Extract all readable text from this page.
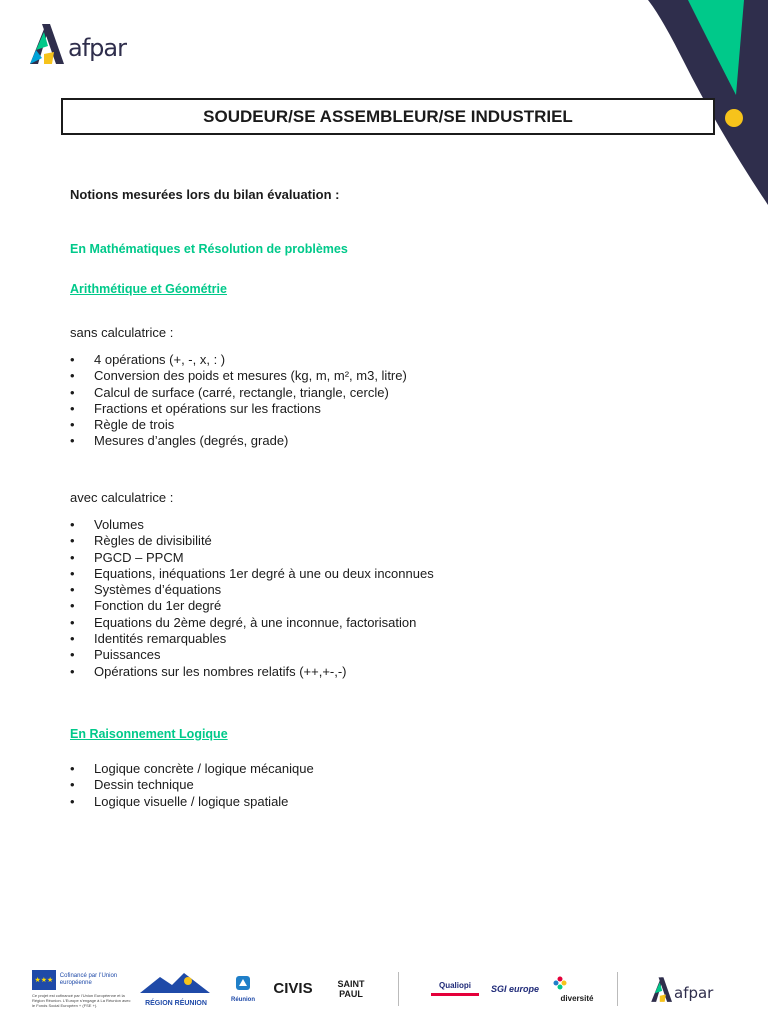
afpar
SOUDEUR/SE ASSEMBLEUR/SE INDUSTRIEL
Notions mesurées lors du bilan évaluation :
En Mathématiques et Résolution de problèmes
Arithmétique et Géométrie
sans calculatrice :
• 4 opérations (+, -, x, : )
• Conversion des poids et mesures (kg, m, m², m3, litre)
• Calcul de surface (carré, rectangle, triangle, cercle)
• Fractions et opérations sur les fractions
• Règle de trois
• Mesures d’angles (degrés, grade)
avec calculatrice :
• Volumes
• Règles de divisibilité
• PGCD – PPCM
• Equations, inéquations 1er degré à une ou deux inconnues
• Systèmes d’équations
• Fonction du 1er degré
• Equations du 2ème degré, à une inconnue, factorisation
• Identités remarquables
• Puissances
• Opérations sur les nombres relatifs (++,+-,-)
En Raisonnement Logique
• Logique concrète / logique mécanique
• Dessin technique
• Logique visuelle / logique spatiale
★★★
Cofinancé par l’Union européenne
Ce projet est cofinancé par l’Union Européenne et la Région Réunion. L’Europe s’engage à La Réunion avec le Fonds Social Européen + (FSE +).	RÉGION RÉUNION	Réunion
CIVIS	SAINT PAUL
Qualiopi	SGI europe
diversité	afpar
